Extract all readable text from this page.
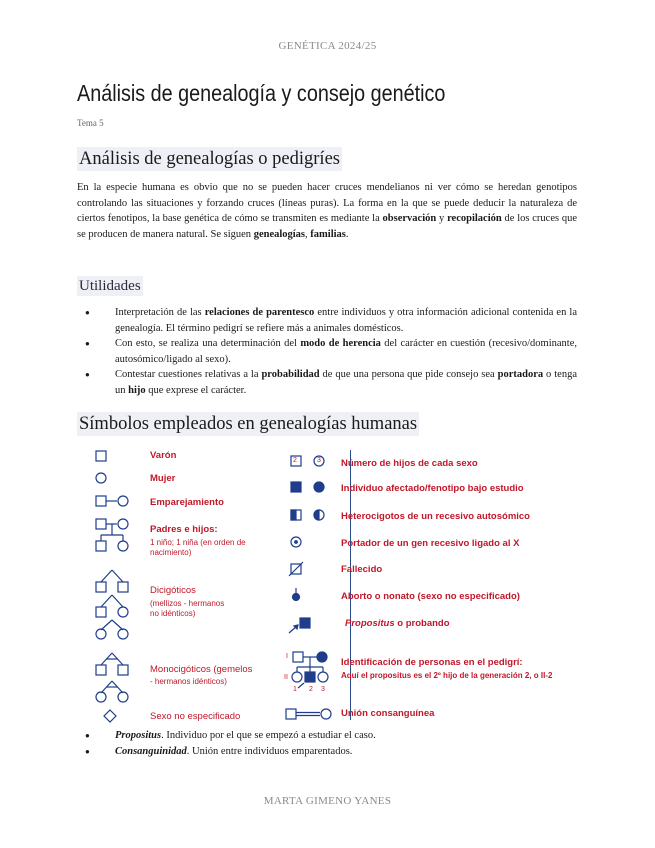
GENÉTICA 2024/25
Análisis de genealogía y consejo genético
Tema 5
Análisis de genealogías o pedigríes
En la especie humana es obvio que no se pueden hacer cruces mendelianos ni ver cómo se heredan genotipos controlando las situaciones y forzando cruces (líneas puras). La forma en la que se puede deducir la naturaleza de ciertos fenotipos, la base genética de cómo se transmiten es mediante la observación y recopilación de los cruces que se producen de manera natural. Se siguen genealogías, familias.
Utilidades
● Interpretación de las relaciones de parentesco entre individuos y otra información adicional contenida en la genealogía. El término pedigrí se refiere más a animales domésticos.
● Con esto, se realiza una determinación del modo de herencia del carácter en cuestión (recesivo/dominante, autosómico/ligado al sexo).
● Contestar cuestiones relativas a la probabilidad de que una persona que pide consejo sea portadora o tenga un hijo que exprese el carácter.
Símbolos empleados en genealogías humanas
Varón
Mujer
Emparejamiento
Padres e hijos:
1 niño; 1 niña (en orden de
nacimiento)
Dicigóticos
(mellizos - hermanos
no idénticos)
Monocigóticos (gemelos
- hermanos idénticos)
Sexo no especificado
2	3 Número de hijos de cada sexo
Individuo afectado/fenotipo bajo estudio
Heterocigotos de un recesivo autosómico
Portador de un gen recesivo ligado al X
Fallecido
Aborto o nonato (sexo no especificado)
Propositus o probando
I
II
1 2 3
Identificación de personas en el pedigrí:
Aquí el propositus es el 2º hijo de la generación 2, o II-2
Unión consanguínea
● Propositus. Individuo por el que se empezó a estudiar el caso.
● Consanguinidad. Unión entre individuos emparentados.
MARTA GIMENO YANES
